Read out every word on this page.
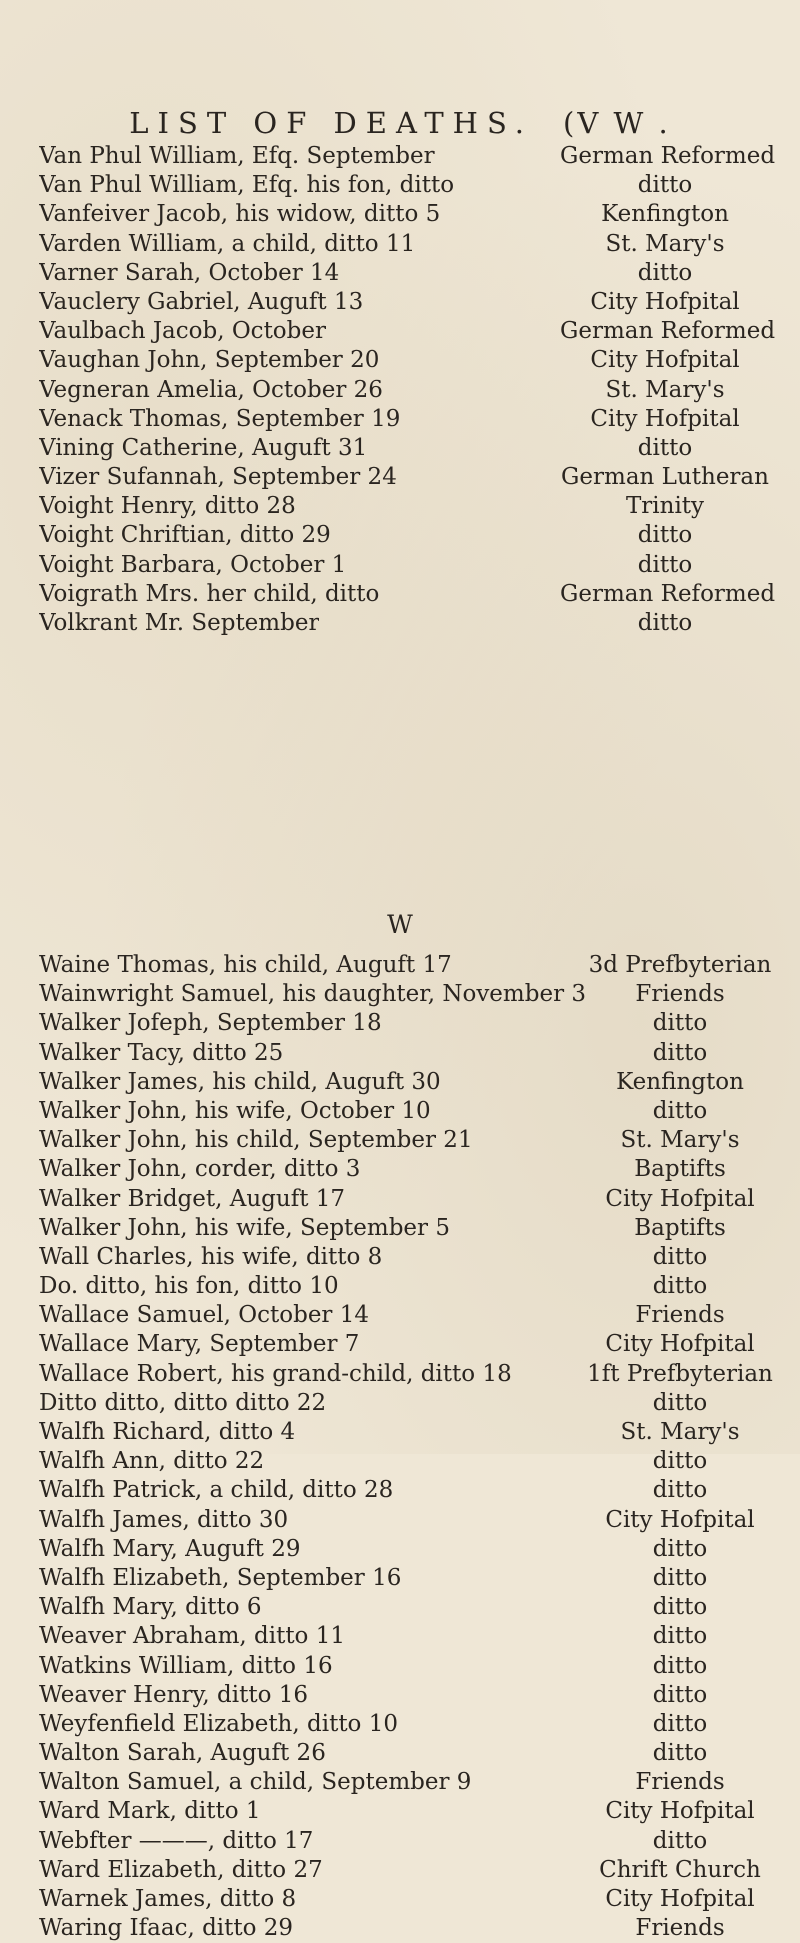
LIST OF DEATHS. (V W .
Van Phul William, Efq. September	German Reformed
Van Phul William, Efq. his fon, ditto	ditto
Vanfeiver Jacob, his widow, ditto 5	Kenfington
Varden William, a child, ditto 11	St. Mary's
Varner Sarah, October 14	ditto
Vauclery Gabriel, Auguft 13	City Hofpital
Vaulbach Jacob, October	German Reformed
Vaughan John, September 20	City Hofpital
Vegneran Amelia, October 26	St. Mary's
Venack Thomas, September 19	City Hofpital
Vining Catherine, Auguft 31	ditto
Vizer Sufannah, September 24	German Lutheran
Voight Henry, ditto 28	Trinity
Voight Chriftian, ditto 29	ditto
Voight Barbara, October 1	ditto
Voigrath Mrs. her child, ditto	German Reformed
Volkrant Mr. September	ditto
W
Waine Thomas, his child, Auguft 17	3d Prefbyterian
Wainwright Samuel, his daughter, November 3	Friends
Walker Jofeph, September 18	ditto
Walker Tacy, ditto 25	ditto
Walker James, his child, Auguft 30	Kenfington
Walker John, his wife, October 10	ditto
Walker John, his child, September 21	St. Mary's
Walker John, corder, ditto 3	Baptifts
Walker Bridget, Auguft 17	City Hofpital
Walker John, his wife, September 5	Baptifts
Wall Charles, his wife, ditto 8	ditto
Do. ditto, his fon, ditto 10	ditto
Wallace Samuel, October 14	Friends
Wallace Mary, September 7	City Hofpital
Wallace Robert, his grand-child, ditto 18	1ft Prefbyterian
Ditto ditto, ditto ditto 22	ditto
Walfh Richard, ditto 4	St. Mary's
Walfh Ann, ditto 22	ditto
Walfh Patrick, a child, ditto 28	ditto
Walfh James, ditto 30	City Hofpital
Walfh Mary, Auguft 29	ditto
Walfh Elizabeth, September 16	ditto
Walfh Mary, ditto 6	ditto
Weaver Abraham, ditto 11	ditto
Watkins William, ditto 16	ditto
Weaver Henry, ditto 16	ditto
Weyfenfield Elizabeth, ditto 10	ditto
Walton Sarah, Auguft 26	ditto
Walton Samuel, a child, September 9	Friends
Ward Mark, ditto 1	City Hofpital
Webfter ———, ditto 17	ditto
Ward Elizabeth, ditto 27	Chrift Church
Warnek James, ditto 8	City Hofpital
Waring Ifaac, ditto 29	Friends
